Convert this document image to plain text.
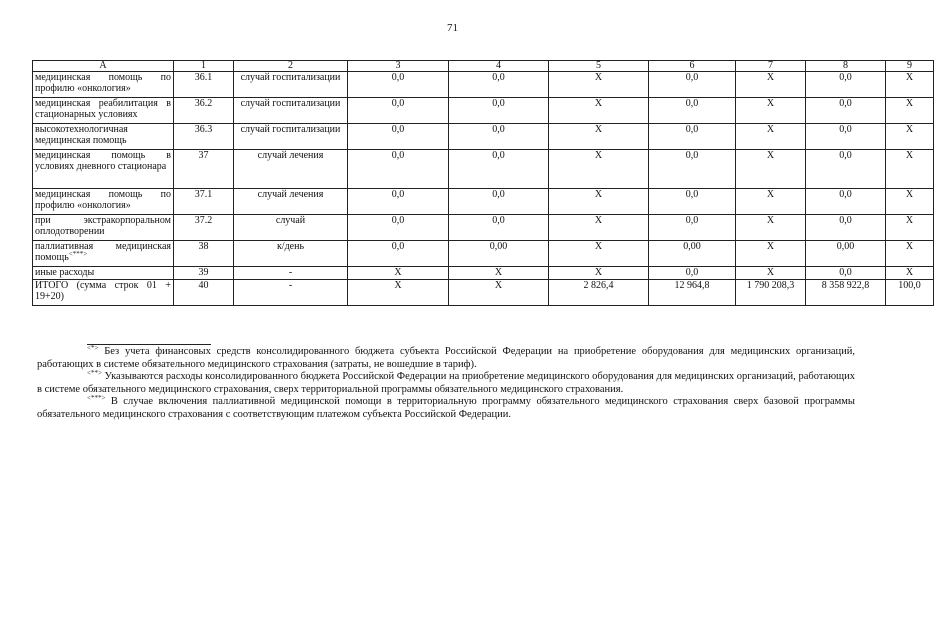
71
А	1	2	3	4	5	6	7	8	9
медицинская помощь по профилю «онкология»	36.1	случай госпитализации	0,0	0,0	Х	0,0	Х	0,0	Х
медицинская реабилитация в стационарных условиях	36.2	случай госпитализации	0,0	0,0	Х	0,0	Х	0,0	Х
высокотехнологичная медицинская помощь	36.3	случай госпитализации	0,0	0,0	Х	0,0	Х	0,0	Х
медицинская помощь в условиях дневного стационара	37	случай лечения	0,0	0,0	Х	0,0	Х	0,0	Х
медицинская помощь по профилю «онкология»	37.1	случай лечения	0,0	0,0	Х	0,0	Х	0,0	Х
при экстракорпоральном оплодотворении	37.2	случай	0,0	0,0	Х	0,0	Х	0,0	Х
паллиативная медицинская помощь<***>	38	к/день	0,0	0,00	Х	0,00	Х	0,00	Х
иные расходы	39	-	Х	Х	Х	0,0	Х	0,0	Х
ИТОГО (сумма строк 01 + 19+20)	40	-	Х	Х	2 826,4	12 964,8	1 790 208,3	8 358 922,8	100,0

<*> Без учета финансовых средств консолидированного бюджета субъекта Российской Федерации на приобретение оборудования для медицинских организаций, работающих в системе обязательного медицинского страхования (затраты, не вошедшие в тариф).

<**> Указываются расходы консолидированного бюджета Российской Федерации на приобретение медицинского оборудования для медицинских организаций, работающих в системе обязательного медицинского страхования, сверх территориальной программы обязательного медицинского страхования.

<***> В случае включения паллиативной медицинской помощи в территориальную программу обязательного медицинского страхования сверх базовой программы обязательного медицинского страхования с соответствующим платежом субъекта Российской Федерации.
